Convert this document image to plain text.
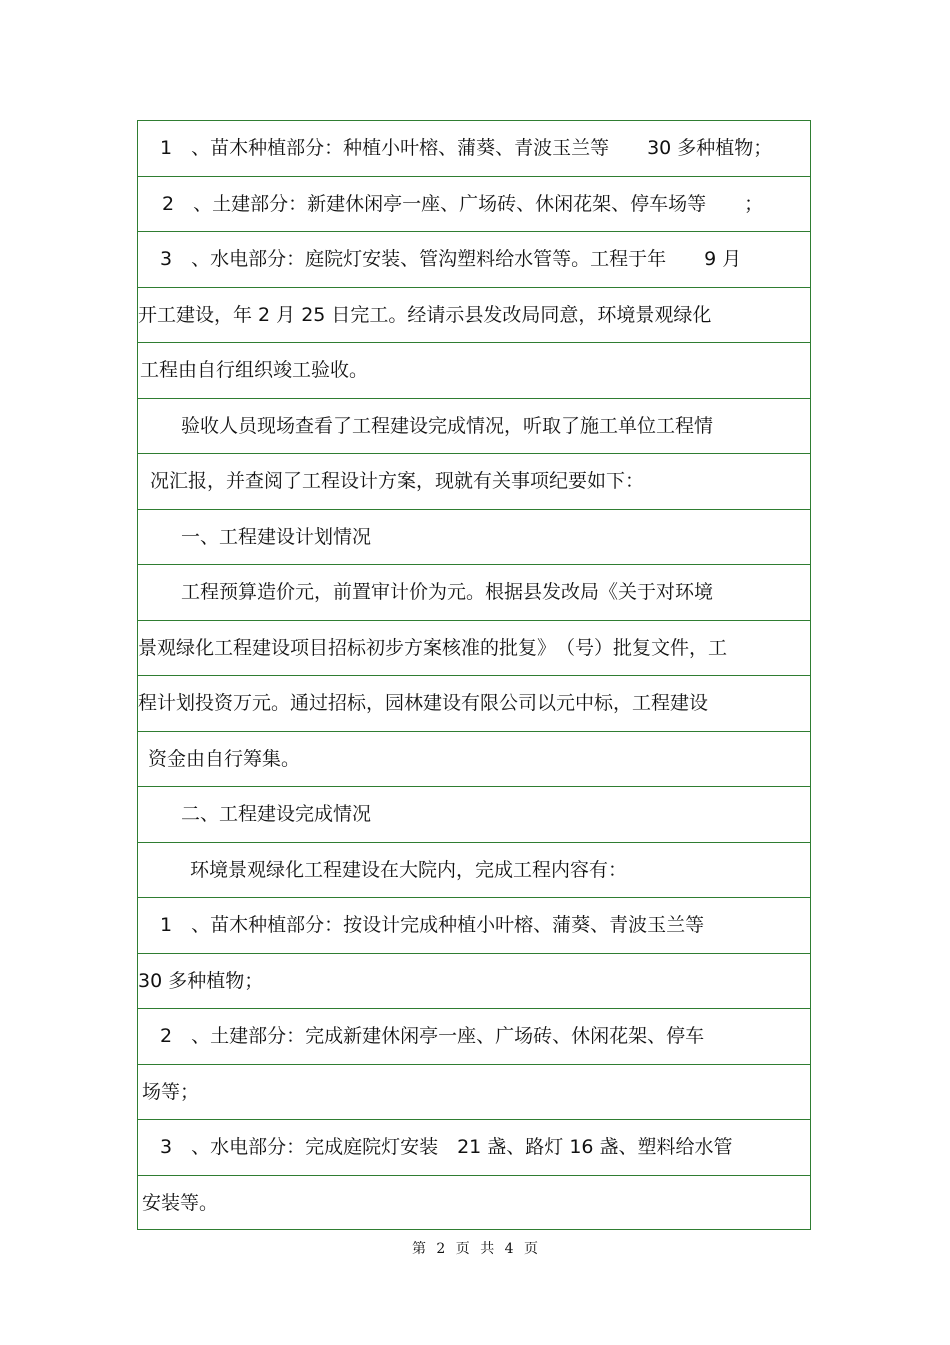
1　、苗木种植部分：种植小叶榕、蒲葵、青波玉兰等　　30 多种植物；
2　、土建部分：新建休闲亭一座、广场砖、休闲花架、停车场等　　；
3　、水电部分：庭院灯安装、管沟塑料给水管等。工程于年　　9 月
开工建设，年 2 月 25 日完工。经请示县发改局同意，环境景观绿化
工程由自行组织竣工验收。
验收人员现场查看了工程建设完成情况，听取了施工单位工程情
况汇报，并查阅了工程设计方案，现就有关事项纪要如下：
一、工程建设计划情况
工程预算造价元，前置审计价为元。根据县发改局《关于对环境
景观绿化工程建设项目招标初步方案核准的批复》　（号）批复文件，工
程计划投资万元。通过招标，园林建设有限公司以元中标，工程建设
资金由自行筹集。
二、工程建设完成情况
环境景观绿化工程建设在大院内，完成工程内容有：
1　、苗木种植部分：按设计完成种植小叶榕、蒲葵、青波玉兰等
30 多种植物；
2　、土建部分：完成新建休闲亭一座、广场砖、休闲花架、停车
场等；
3　、水电部分：完成庭院灯安装　21 盏、路灯 16 盏、塑料给水管
安装等。
第 2 页 共 4 页
